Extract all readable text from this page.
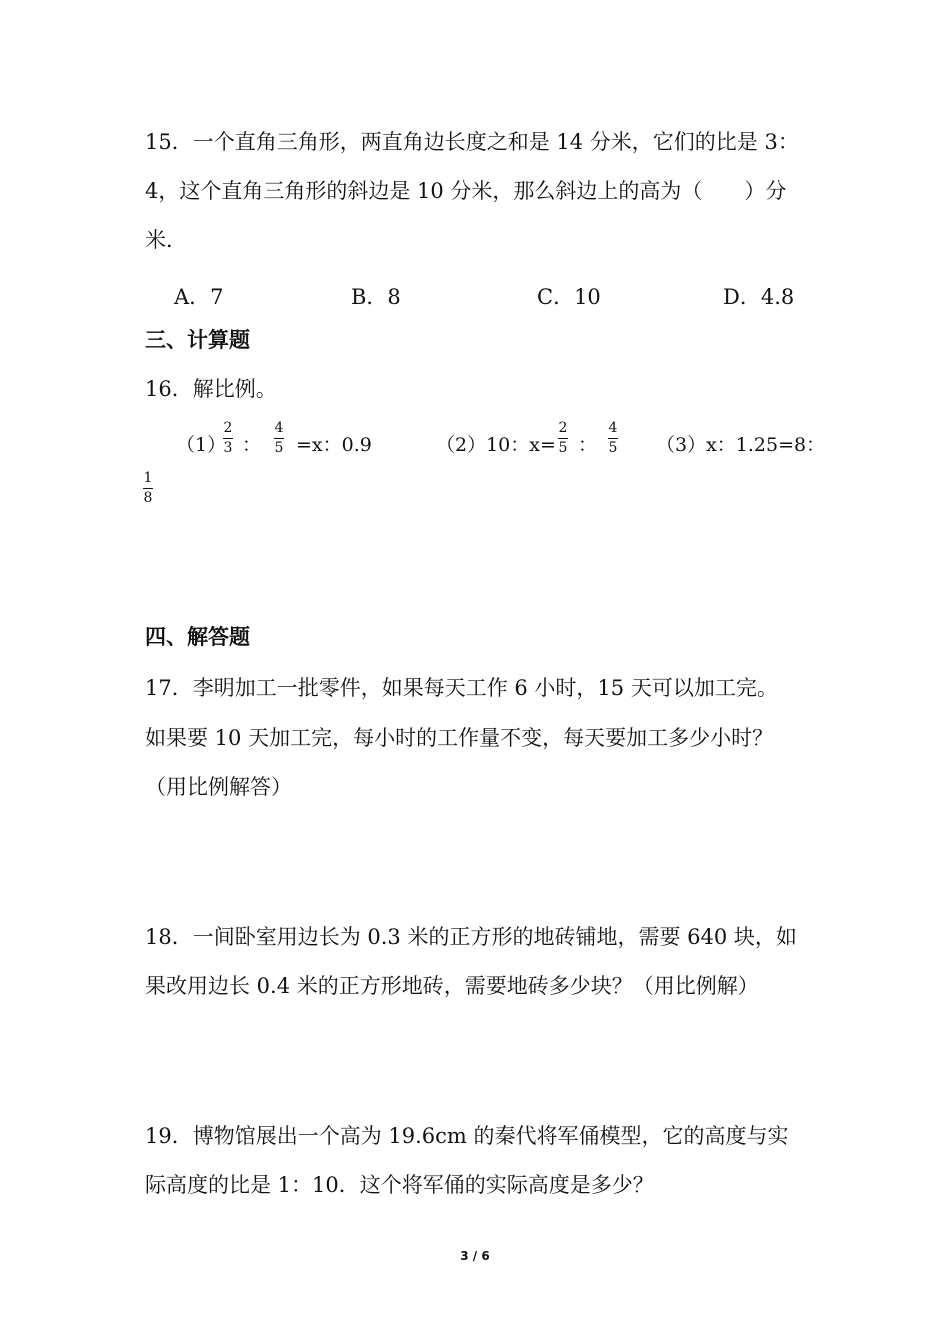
15．一个直角三角形，两直角边长度之和是 14 分米，它们的比是 3：
4，这个直角三角形的斜边是 10 分米，那么斜边上的高为（　　）分
米．
A．7	B．8	C．10	D．4.8
三、计算题
16．解比例。
（1）
2
3 ：
4
5 =x：0.9	（2）10：x=
2
5 ：
4
5 （3）x：1.25=8：
1
8
四、解答题
17．李明加工一批零件，如果每天工作 6 小时，15 天可以加工完。
如果要 10 天加工完，每小时的工作量不变，每天要加工多少小时？
（用比例解答）
18．一间卧室用边长为 0.3 米的正方形的地砖铺地，需要 640 块，如
果改用边长 0.4 米的正方形地砖，需要地砖多少块？（用比例解）
19．博物馆展出一个高为 19.6cm 的秦代将军俑模型，它的高度与实
际高度的比是 1：10．这个将军俑的实际高度是多少？
3 / 6
